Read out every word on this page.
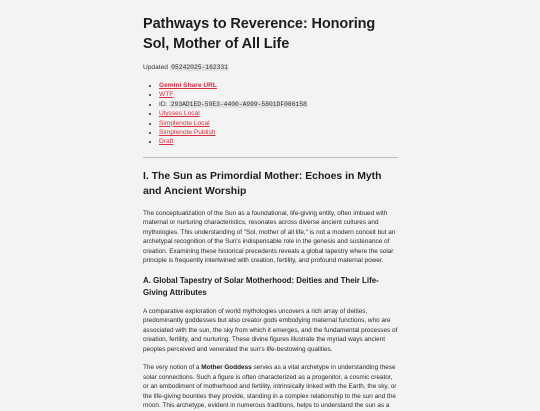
Pathways to Reverence: Honoring Sol, Mother of All Life
Updated 05242025-162331
• Gemini Share URL
• WTF
• ID: 293AD1ED-59E3-4400-A999-5801DF086158
• Ulysses Local
• Simplenote Local
• Simplenote Publish
• Draft
I. The Sun as Primordial Mother: Echoes in Myth and Ancient Worship

The conceptualization of the Sun as a foundational, life-giving entity, often imbued with maternal or nurturing characteristics, resonates across diverse ancient cultures and mythologies. This understanding of "Sol, mother of all life," is not a modern conceit but an archetypal recognition of the Sun's indispensable role in the genesis and sustenance of creation. Examining these historical precedents reveals a global tapestry where the solar principle is frequently intertwined with creation, fertility, and profound maternal power.

A. Global Tapestry of Solar Motherhood: Deities and Their Life-Giving Attributes

A comparative exploration of world mythologies uncovers a rich array of deities, predominantly goddesses but also creator gods embodying maternal functions, who are associated with the sun, the sky from which it emerges, and the fundamental processes of creation, fertility, and nurturing. These divine figures illustrate the myriad ways ancient peoples perceived and venerated the sun's life-bestowing qualities.

The very notion of a Mother Goddess serves as a vital archetype in understanding these solar connections. Such a figure is often characterized as a progenitor, a cosmic creator, or an embodiment of motherhood and fertility, intrinsically linked with the Earth, the sky, or the life-giving bounties they provide, standing in a complex relationship to the sun and the moon. This archetype, evident in numerous traditions, helps to understand the sun as a
